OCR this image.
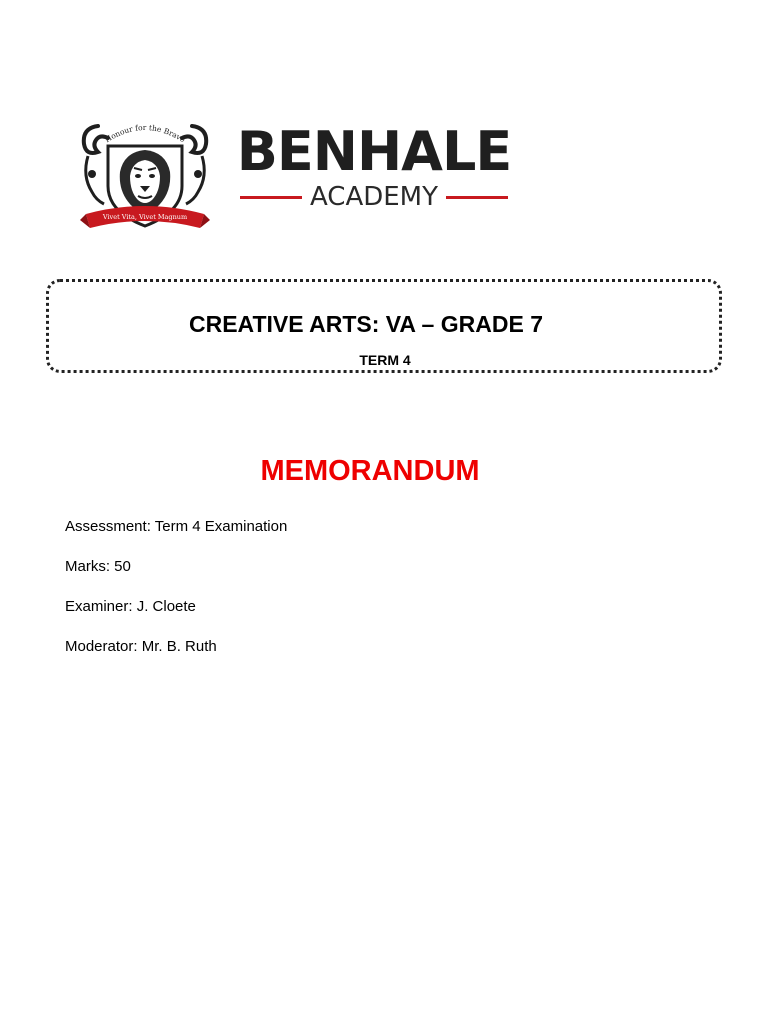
Honour for the Brave
Vivet Vita, Vivet Magnum
BENHALE
ACADEMY
CREATIVE ARTS: VA – GRADE 7
TERM 4
MEMORANDUM

Assessment: Term 4 Examination

Marks: 50

Examiner: J. Cloete

Moderator: Mr. B. Ruth
